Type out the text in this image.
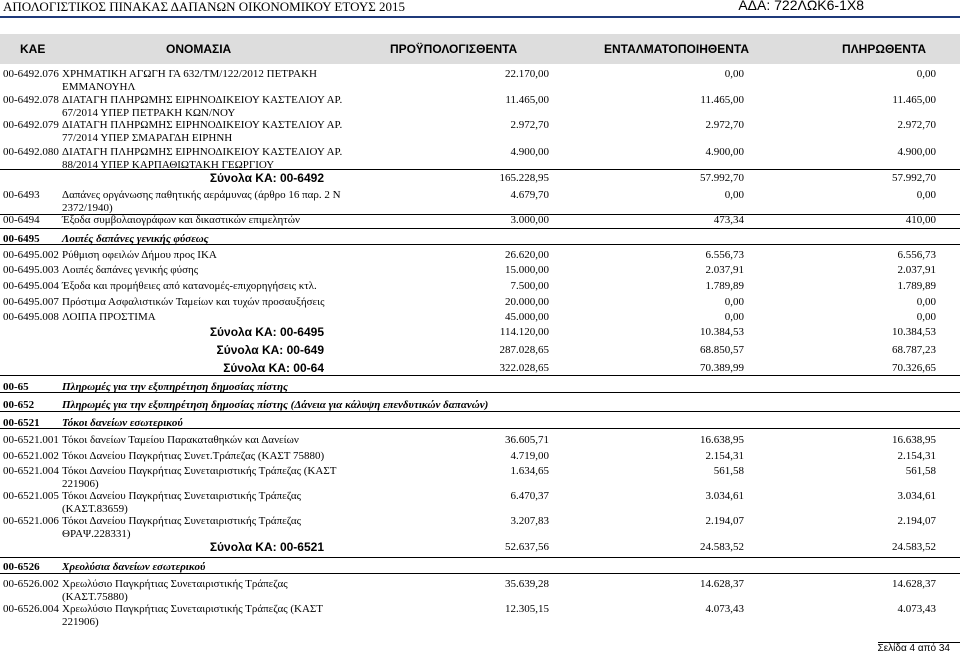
ΑΠΟΛΟΓΙΣΤΙΚΟΣ ΠΙΝΑΚΑΣ ΔΑΠΑΝΩΝ ΟΙΚΟΝΟΜΙΚΟΥ ΕΤΟΥΣ 2015	ΑΔΑ: 722ΛΩΚ6-1Χ8
ΚΑΕ	ΟΝΟΜΑΣΙΑ	ΠΡΟΫΠΟΛΟΓΙΣΘΕΝΤΑ	ΕΝΤΑΛΜΑΤΟΠΟΙΗΘΕΝΤΑ	ΠΛΗΡΩΘΕΝΤΑ
00-6492.076 ΧΡΗΜΑΤΙΚΗ ΑΓΩΓΗ ΓΑ 632/ΤΜ/122/2012 ΠΕΤΡΑΚΗ
ΕΜΜΑΝΟΥΗΛ
22.170,00	0,00	0,00
00-6492.078 ΔΙΑΤΑΓΗ ΠΛΗΡΩΜΗΣ ΕΙΡΗΝΟΔΙΚΕΙΟΥ ΚΑΣΤΕΛΙΟΥ ΑΡ.
67/2014 ΥΠΕΡ ΠΕΤΡΑΚΗ ΚΩΝ/ΝΟΥ
11.465,00	11.465,00	11.465,00
00-6492.079 ΔΙΑΤΑΓΗ ΠΛΗΡΩΜΗΣ ΕΙΡΗΝΟΔΙΚΕΙΟΥ ΚΑΣΤΕΛΙΟΥ ΑΡ.
77/2014 ΥΠΕΡ ΣΜΑΡΑΓΔΗ ΕΙΡΗΝΗ
2.972,70	2.972,70	2.972,70
00-6492.080 ΔΙΑΤΑΓΗ ΠΛΗΡΩΜΗΣ ΕΙΡΗΝΟΔΙΚΕΙΟΥ ΚΑΣΤΕΛΙΟΥ ΑΡ.
88/2014 ΥΠΕΡ ΚΑΡΠΑΘΙΩΤΑΚΗ ΓΕΩΡΓΙΟΥ
4.900,00	4.900,00	4.900,00
Σύνολα ΚΑ: 00-6492	165.228,95	57.992,70	57.992,70
00-6493 Δαπάνες οργάνωσης παθητικής αεράμυνας (άρθρο 16 παρ. 2 Ν
2372/1940)
4.679,70	0,00	0,00
00-6494 Έξοδα συμβολαιογράφων και δικαστικών επιμελητών	3.000,00	473,34	410,00
00-6495 Λοιπές δαπάνες γενικής φύσεως
00-6495.002 Ρύθμιση οφειλών Δήμου προς ΙΚΑ	26.620,00	6.556,73	6.556,73
00-6495.003 Λοιπές δαπάνες γενικής φύσης	15.000,00	2.037,91	2.037,91
00-6495.004 Έξοδα και προμήθειες από κατανομές-επιχορηγήσεις κτλ.	7.500,00	1.789,89	1.789,89
00-6495.007 Πρόστιμα Ασφαλιστικών Ταμείων και τυχών προσαυξήσεις	20.000,00	0,00	0,00
00-6495.008 ΛΟΙΠΑ ΠΡΟΣΤΙΜΑ	45.000,00	0,00	0,00
Σύνολα ΚΑ: 00-6495	114.120,00	10.384,53	10.384,53
Σύνολα ΚΑ: 00-649	287.028,65	68.850,57	68.787,23
Σύνολα ΚΑ: 00-64	322.028,65	70.389,99	70.326,65
00-65	Πληρωμές για την εξυπηρέτηση δημοσίας πίστης
00-652	Πληρωμές για την εξυπηρέτηση δημοσίας πίστης (Δάνεια για κάλυψη επενδυτικών δαπανών)
00-6521 Τόκοι δανείων εσωτερικού
00-6521.001 Τόκοι δανείων Ταμείου Παρακαταθηκών και Δανείων	36.605,71	16.638,95	16.638,95
00-6521.002 Τόκοι Δανείου Παγκρήτιας Συνετ.Τράπεζας (ΚΑΣΤ 75880)	4.719,00	2.154,31	2.154,31
00-6521.004 Τόκοι Δανείου Παγκρήτιας Συνεταιριστικής Τράπεζας (ΚΑΣΤ
221906)
1.634,65	561,58	561,58
00-6521.005 Τόκοι Δανείου Παγκρήτιας Συνεταιριστικής Τράπεζας
(ΚΑΣΤ.83659)
6.470,37	3.034,61	3.034,61
00-6521.006 Τόκοι Δανείου Παγκρήτιας Συνεταιριστικής Τράπεζας
ΘΡΑΨ.228331)
3.207,83	2.194,07	2.194,07
Σύνολα ΚΑ: 00-6521	52.637,56	24.583,52	24.583,52
00-6526 Χρεολύσια δανείων εσωτερικού
00-6526.002 Χρεωλύσιο Παγκρήτιας Συνεταιριστικής Τράπεζας
(ΚΑΣΤ.75880)
35.639,28	14.628,37	14.628,37
00-6526.004 Χρεωλύσιο Παγκρήτιας Συνεταιριστικής Τράπεζας (ΚΑΣΤ
221906)
12.305,15	4.073,43	4.073,43
Σελίδα 4 από 34
